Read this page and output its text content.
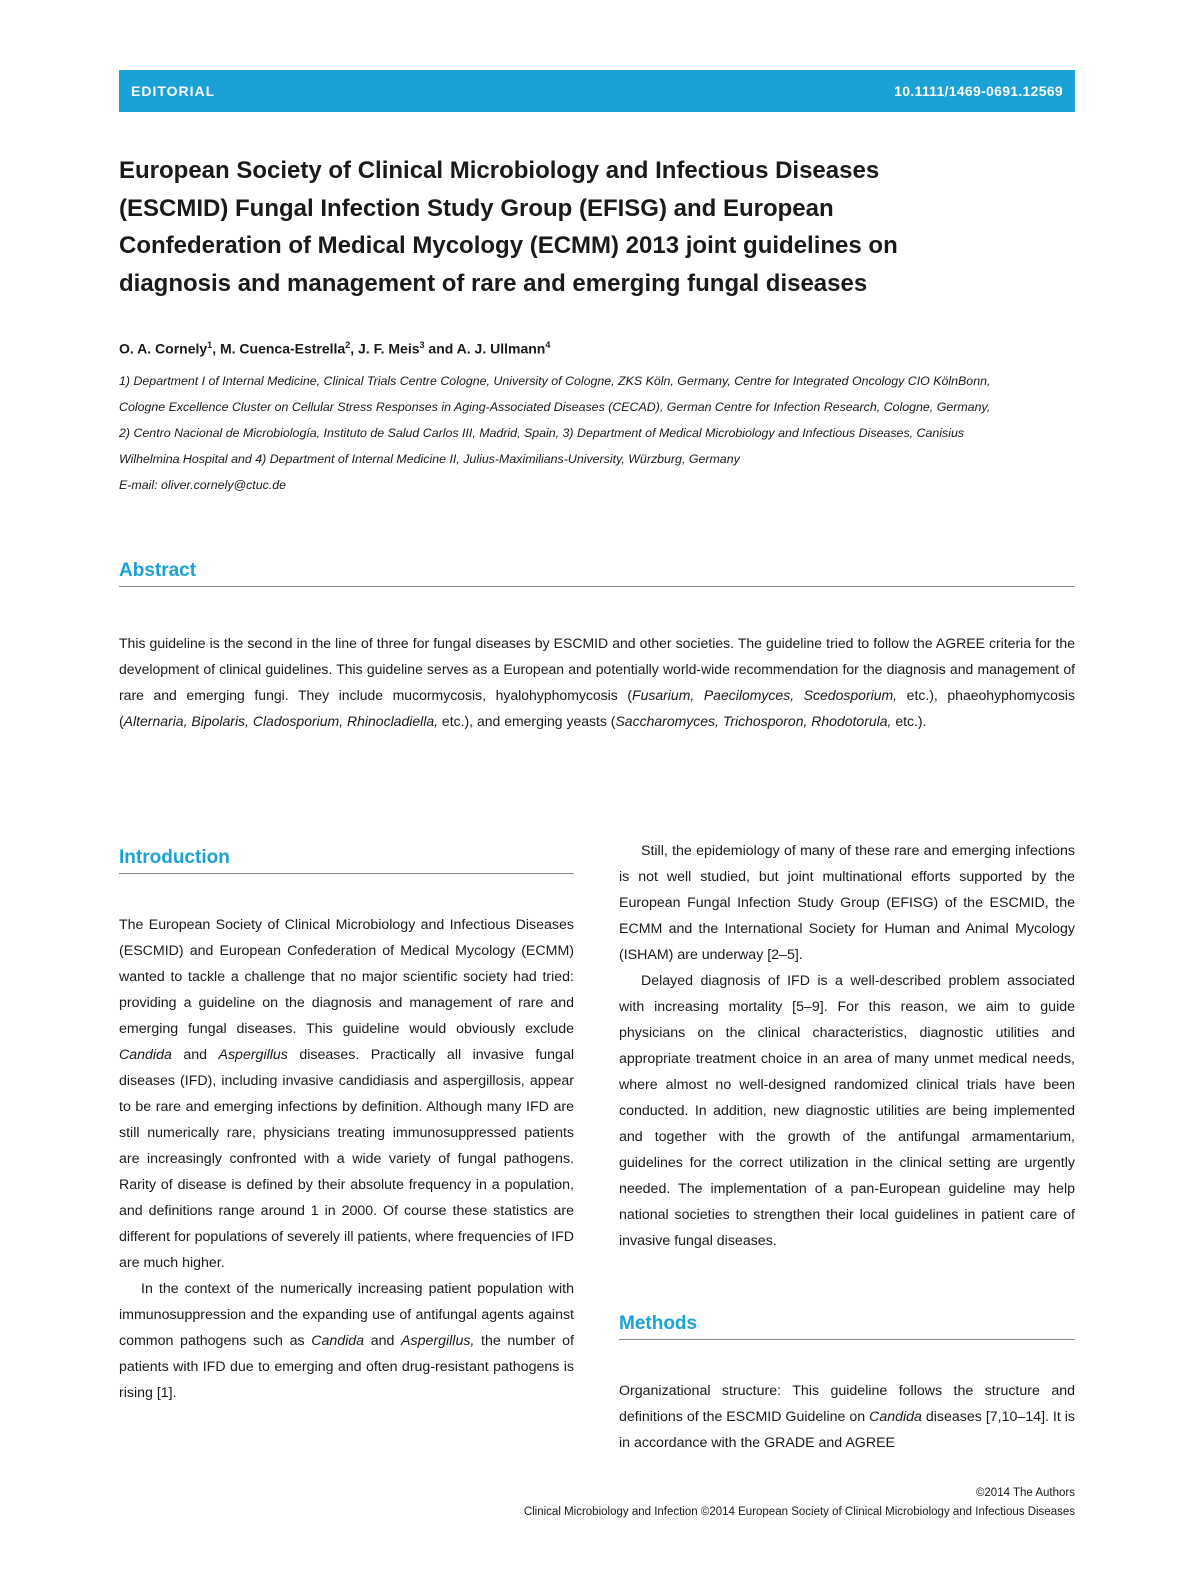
EDITORIAL	10.1111/1469-0691.12569
European Society of Clinical Microbiology and Infectious Diseases
(ESCMID) Fungal Infection Study Group (EFISG) and European
Confederation of Medical Mycology (ECMM) 2013 joint guidelines on
diagnosis and management of rare and emerging fungal diseases
O. A. Cornely$^1$, M. Cuenca-Estrella$^2$, J. F. Meis$^3$ and A. J. Ullmann$^4$
1) Department I of Internal Medicine, Clinical Trials Centre Cologne, University of Cologne, ZKS Köln, Germany, Centre for Integrated Oncology CIO KölnBonn,
Cologne Excellence Cluster on Cellular Stress Responses in Aging-Associated Diseases (CECAD), German Centre for Infection Research, Cologne, Germany,
2) Centro Nacional de Microbiología, Instituto de Salud Carlos III, Madrid, Spain, 3) Department of Medical Microbiology and Infectious Diseases, Canisius
Wilhelmina Hospital and 4) Department of Internal Medicine II, Julius-Maximilians-University, Würzburg, Germany
E-mail: oliver.cornely@ctuc.de
Abstract
This guideline is the second in the line of three for fungal diseases by ESCMID and other societies. The guideline tried to follow the AGREE criteria for the development of clinical guidelines. This guideline serves as a European and potentially world-wide recommendation for the diagnosis and management of rare and emerging fungi. They include mucormycosis, hyalohyphomycosis (Fusarium, Paecilomyces, Scedosporium, etc.), phaeohyphomycosis (Alternaria, Bipolaris, Cladosporium, Rhinocladiella, etc.), and emerging yeasts (Saccharomyces, Trichosporon, Rhodotorula, etc.).
Introduction

The European Society of Clinical Microbiology and Infectious Diseases (ESCMID) and European Confederation of Medical Mycology (ECMM) wanted to tackle a challenge that no major scientific society had tried: providing a guideline on the diagnosis and management of rare and emerging fungal diseases. This guideline would obviously exclude Candida and Aspergillus diseases. Practically all invasive fungal diseases (IFD), including invasive candidiasis and aspergillosis, appear to be rare and emerging infections by definition. Although many IFD are still numerically rare, physicians treating immunosuppressed patients are increasingly confronted with a wide variety of fungal pathogens. Rarity of disease is defined by their absolute frequency in a population, and definitions range around 1 in 2000. Of course these statistics are different for populations of severely ill patients, where frequencies of IFD are much higher.

In the context of the numerically increasing patient population with immunosuppression and the expanding use of antifungal agents against common pathogens such as Candida and Aspergillus, the number of patients with IFD due to emerging and often drug-resistant pathogens is rising [1].

Still, the epidemiology of many of these rare and emerging infections is not well studied, but joint multinational efforts supported by the European Fungal Infection Study Group (EFISG) of the ESCMID, the ECMM and the International Society for Human and Animal Mycology (ISHAM) are underway [2–5].

Delayed diagnosis of IFD is a well-described problem associated with increasing mortality [5–9]. For this reason, we aim to guide physicians on the clinical characteristics, diagnostic utilities and appropriate treatment choice in an area of many unmet medical needs, where almost no well-designed randomized clinical trials have been conducted. In addition, new diagnostic utilities are being implemented and together with the growth of the antifungal armamentarium, guidelines for the correct utilization in the clinical setting are urgently needed. The implementation of a pan-European guideline may help national societies to strengthen their local guidelines in patient care of invasive fungal diseases.

Methods

Organizational structure: This guideline follows the structure and definitions of the ESCMID Guideline on Candida diseases [7,10–14]. It is in accordance with the GRADE and AGREE

©2014 The Authors
Clinical Microbiology and Infection ©2014 European Society of Clinical Microbiology and Infectious Diseases
